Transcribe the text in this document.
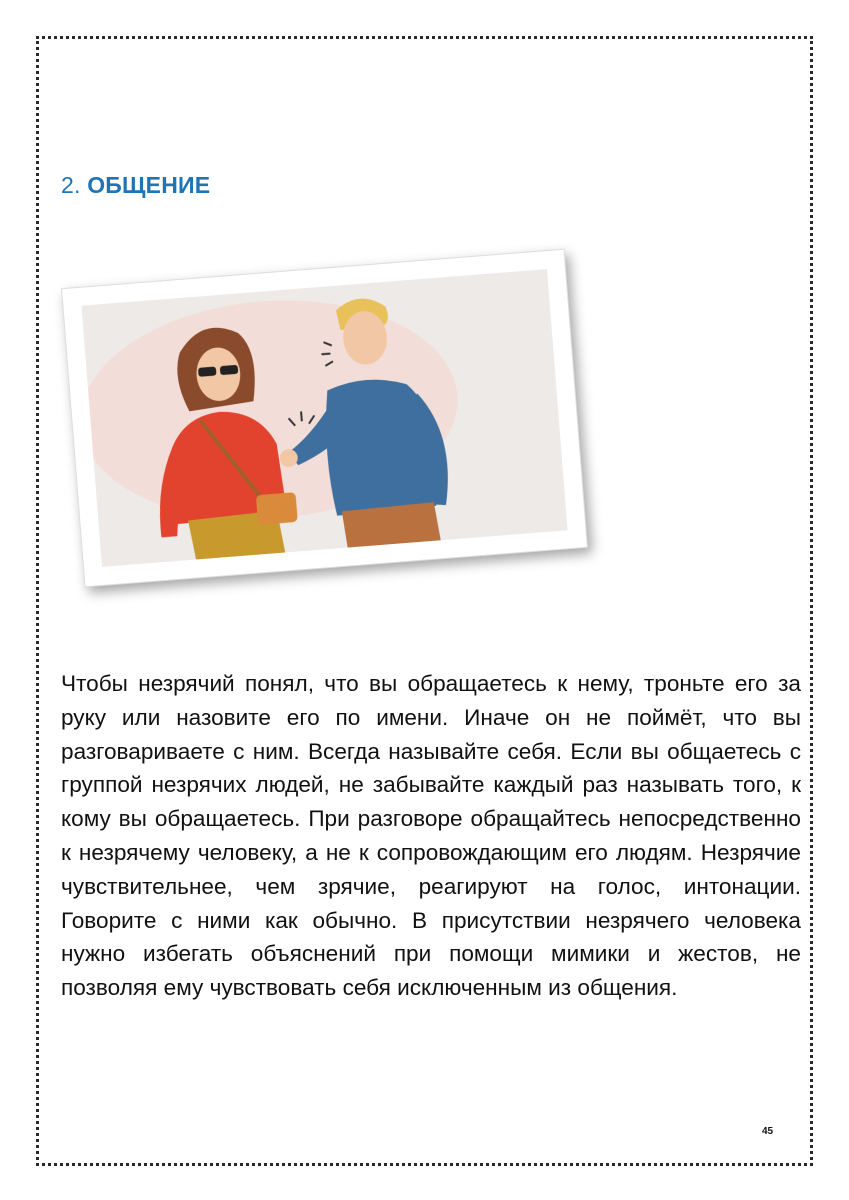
2. ОБЩЕНИЕ

Чтобы незрячий понял, что вы обращаетесь к нему, троньте его за руку или назовите его по имени. Иначе он не поймёт, что вы разговариваете с ним. Всегда называйте себя. Если вы общаетесь с группой незрячих людей, не забывайте каждый раз называть того, к кому вы обращаетесь. При разговоре обращайтесь непосредственно к незрячему человеку, а не к сопровождающим его людям. Незрячие чувствительнее, чем зрячие, реагируют на голос, интонации. Говорите с ними как обычно. В присутствии незрячего человека нужно избегать объяснений при помощи мимики и жестов, не позволяя ему чувствовать себя исключенным из общения.

45
